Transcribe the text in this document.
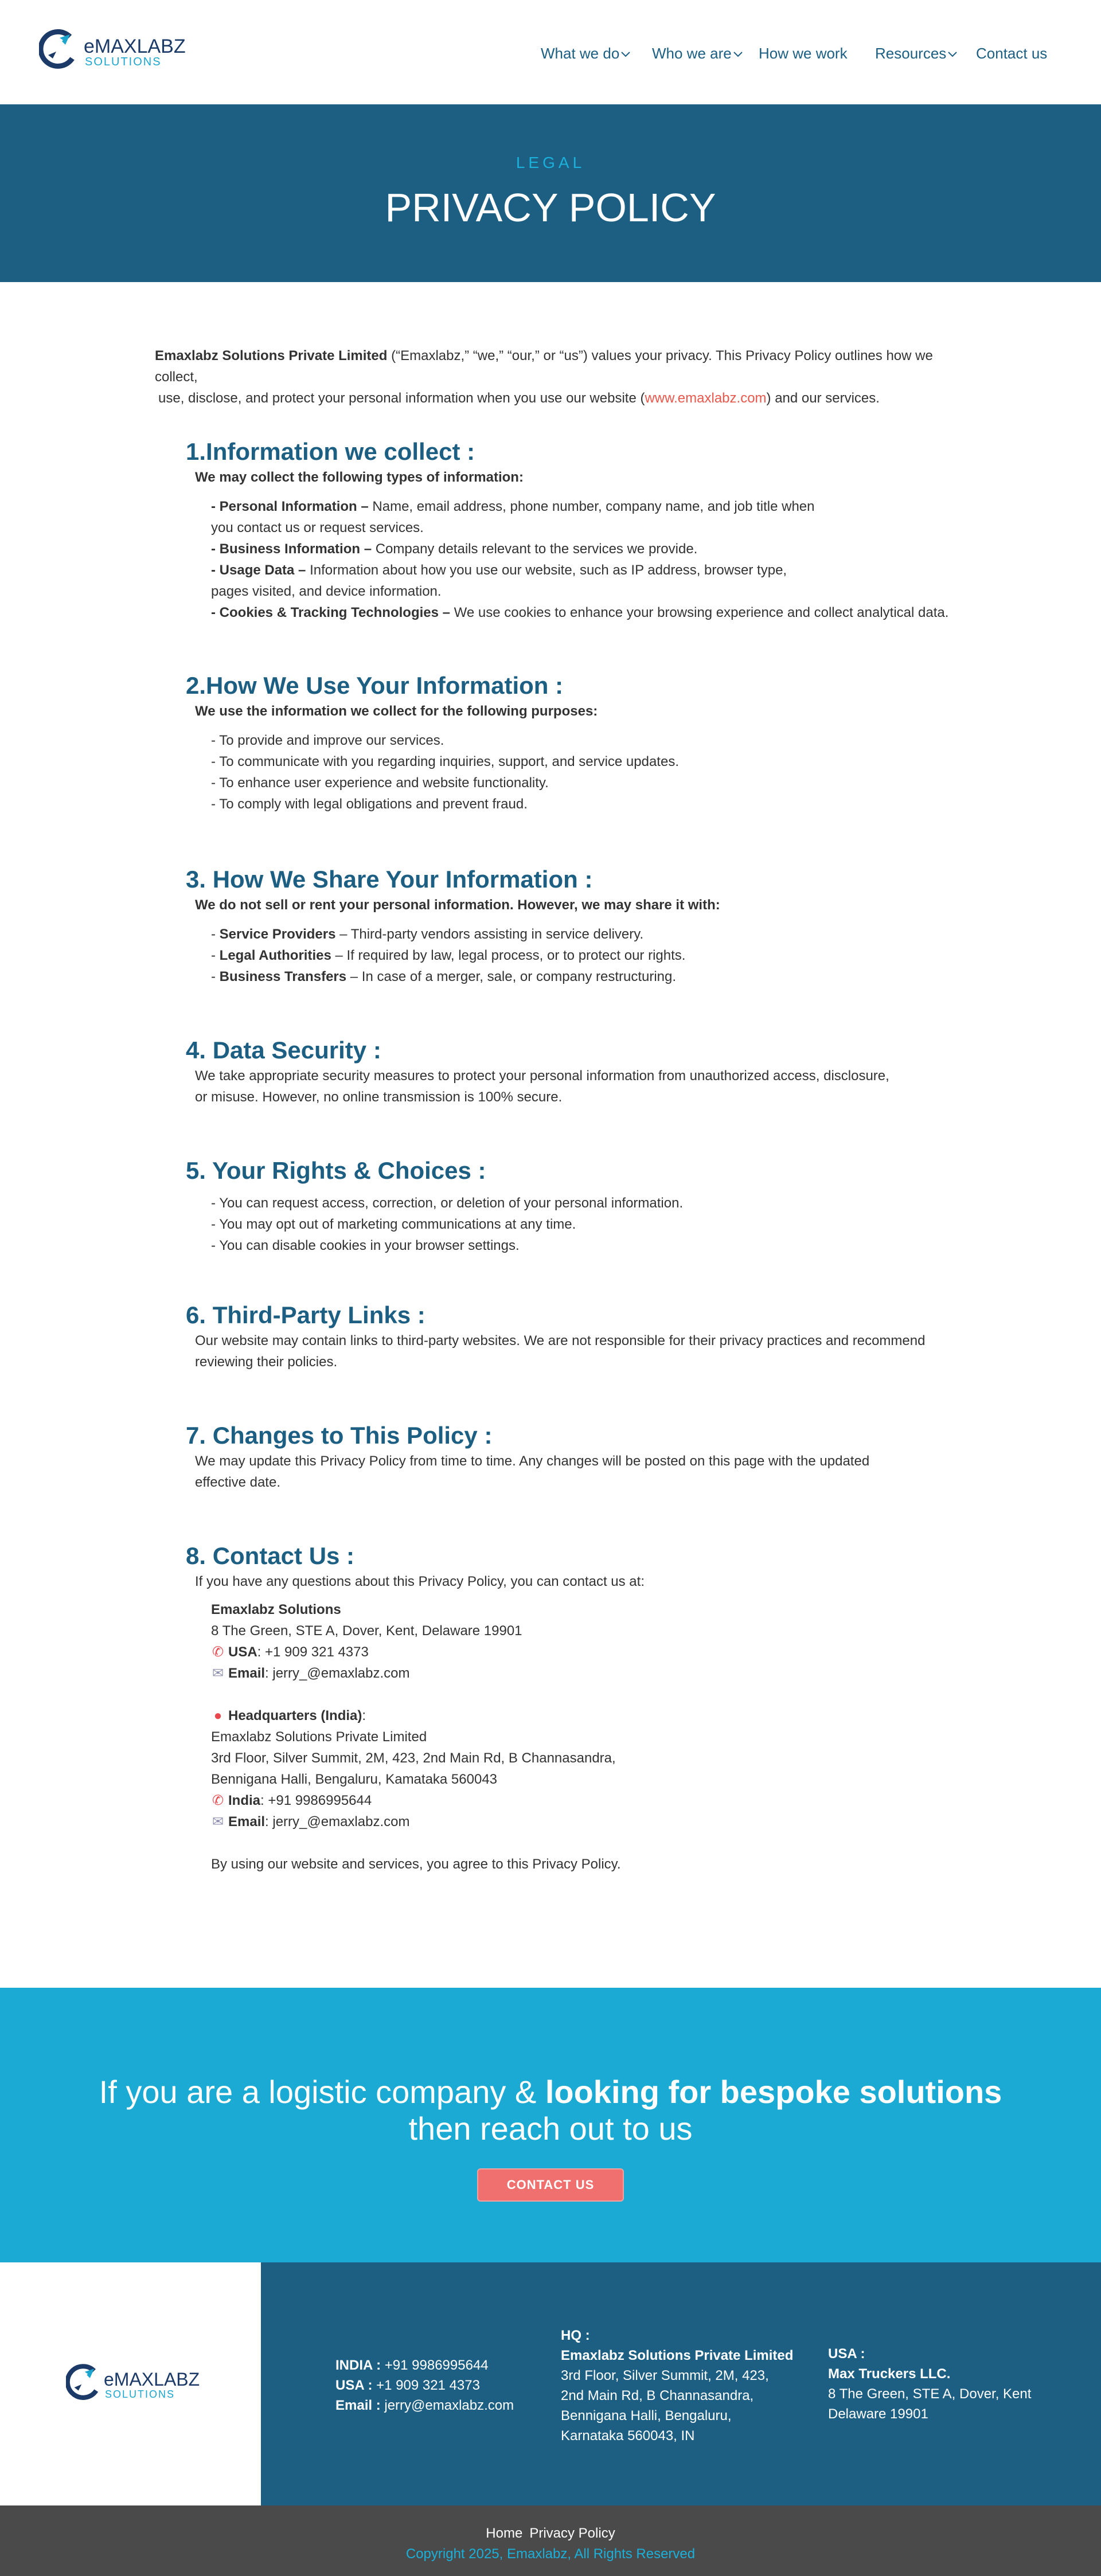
eMAXLABZ
SOLUTIONS	What we do	Who we are	How we work Resources	Contact us
LEGAL
PRIVACY POLICY
Emaxlabz Solutions Private Limited (“Emaxlabz,” “we,” “our,” or “us”) values your privacy. This Privacy Policy outlines how we collect,
use, disclose, and protect your personal information when you use our website (www.emaxlabz.com) and our services.
1.Information we collect :
We may collect the following types of information:
- Personal Information – Name, email address, phone number, company name, and job title when
you contact us or request services.
- Business Information – Company details relevant to the services we provide.
- Usage Data – Information about how you use our website, such as IP address, browser type,
pages visited, and device information.
- Cookies & Tracking Technologies – We use cookies to enhance your browsing experience and collect analytical data.
2.How We Use Your Information :
We use the information we collect for the following purposes:
- To provide and improve our services.
- To communicate with you regarding inquiries, support, and service updates.
- To enhance user experience and website functionality.
- To comply with legal obligations and prevent fraud.
3. How We Share Your Information :
We do not sell or rent your personal information. However, we may share it with:
- Service Providers – Third-party vendors assisting in service delivery.
- Legal Authorities – If required by law, legal process, or to protect our rights.
- Business Transfers – In case of a merger, sale, or company restructuring.
4. Data Security :

We take appropriate security measures to protect your personal information from unauthorized access, disclosure,

or misuse. However, no online transmission is 100% secure.

5. Your Rights & Choices :
- You can request access, correction, or deletion of your personal information.
- You may opt out of marketing communications at any time.
- You can disable cookies in your browser settings.
6. Third-Party Links :

Our website may contain links to third-party websites. We are not responsible for their privacy practices and recommend

reviewing their policies.

7. Changes to This Policy :

We may update this Privacy Policy from time to time. Any changes will be posted on this page with the updated

effective date.

8. Contact Us :
If you have any questions about this Privacy Policy, you can contact us at:
Emaxlabz Solutions
8 The Green, STE A, Dover, Kent, Delaware 19901
✆ USA: +1 909 321 4373
✉ Email: jerry_@emaxlabz.com
● Headquarters (India):
Emaxlabz Solutions Private Limited
3rd Floor, Silver Summit, 2M, 423, 2nd Main Rd, B Channasandra,
Bennigana Halli, Bengaluru, Kamataka 560043
✆ India: +91 9986995644
✉ Email: jerry_@emaxlabz.com
By using our website and services, you agree to this Privacy Policy.
If you are a logistic company & looking for bespoke solutions
then reach out to us
CONTACT US
eMAXLABZ
SOLUTIONS
INDIA : +91 9986995644
USA : +1 909 321 4373
Email : jerry@emaxlabz.com
HQ :
Emaxlabz Solutions Private Limited
3rd Floor, Silver Summit, 2M, 423,
2nd Main Rd, B Channasandra,
Bennigana Halli, Bengaluru,
Karnataka 560043, IN
USA :
Max Truckers LLC.
8 The Green, STE A, Dover, Kent
Delaware 19901
Home Privacy Policy
Copyright 2025, Emaxlabz, All Rights Reserved
